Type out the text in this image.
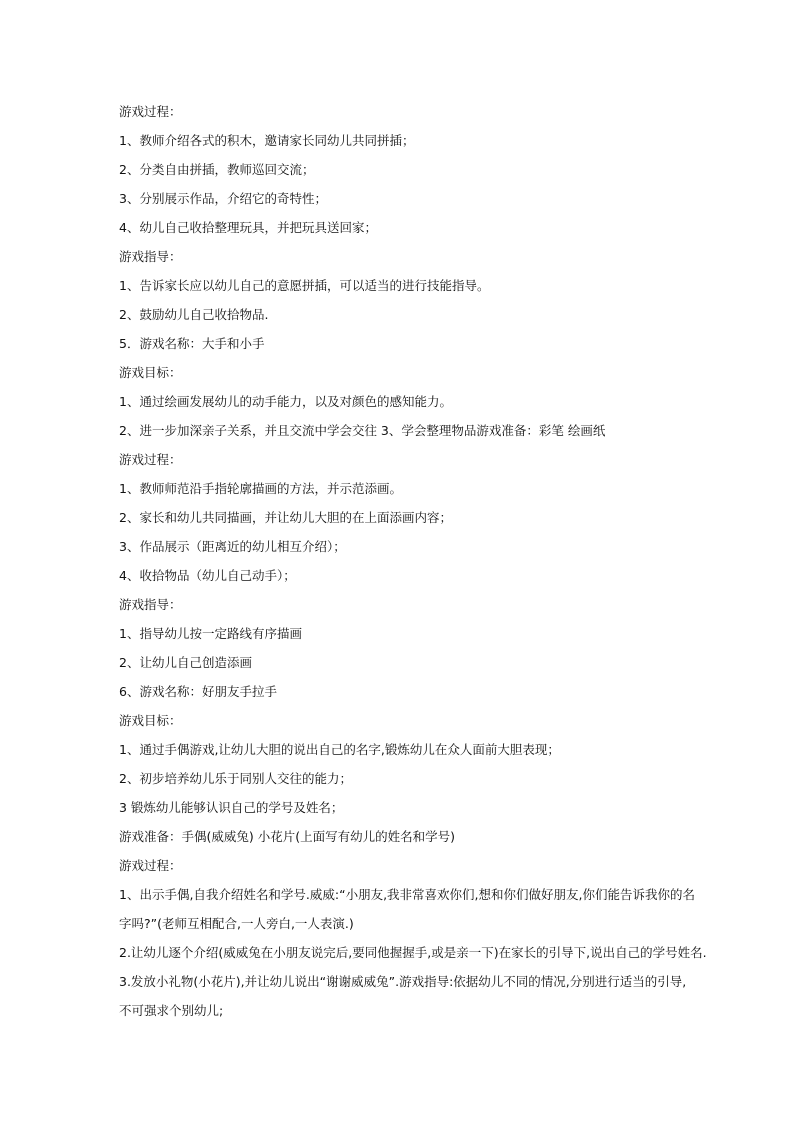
游戏过程：
1、教师介绍各式的积木，邀请家长同幼儿共同拼插；
2、分类自由拼插，教师巡回交流；
3、分别展示作品，介绍它的奇特性；
4、幼儿自己收拾整理玩具，并把玩具送回家；
游戏指导：
1、告诉家长应以幼儿自己的意愿拼插，可以适当的进行技能指导。
2、鼓励幼儿自己收拾物品.
5．游戏名称：大手和小手
游戏目标：
1、通过绘画发展幼儿的动手能力，以及对颜色的感知能力。
2、进一步加深亲子关系，并且交流中学会交往 3、学会整理物品游戏准备：彩笔 绘画纸
游戏过程：
1、教师师范沿手指轮廓描画的方法，并示范添画。
2、家长和幼儿共同描画，并让幼儿大胆的在上面添画内容；
3、作品展示（距离近的幼儿相互介绍）；
4、收拾物品（幼儿自己动手）；
游戏指导：
1、指导幼儿按一定路线有序描画
2、让幼儿自己创造添画
6、游戏名称：好朋友手拉手
游戏目标：
1、通过手偶游戏,让幼儿大胆的说出自己的名字,锻炼幼儿在众人面前大胆表现；
2、初步培养幼儿乐于同别人交往的能力；
3 锻炼幼儿能够认识自己的学号及姓名；
游戏准备：手偶(威威兔) 小花片(上面写有幼儿的姓名和学号)
游戏过程：
1、出示手偶,自我介绍姓名和学号.威威:“小朋友,我非常喜欢你们,想和你们做好朋友,你们能告诉我你的名
字吗?”(老师互相配合,一人旁白,一人表演.)
2.让幼儿逐个介绍(威威兔在小朋友说完后,要同他握握手,或是亲一下)在家长的引导下,说出自己的学号姓名.
3.发放小礼物(小花片),并让幼儿说出“谢谢威威兔”.游戏指导:依据幼儿不同的情况,分别进行适当的引导,
不可强求个别幼儿;
